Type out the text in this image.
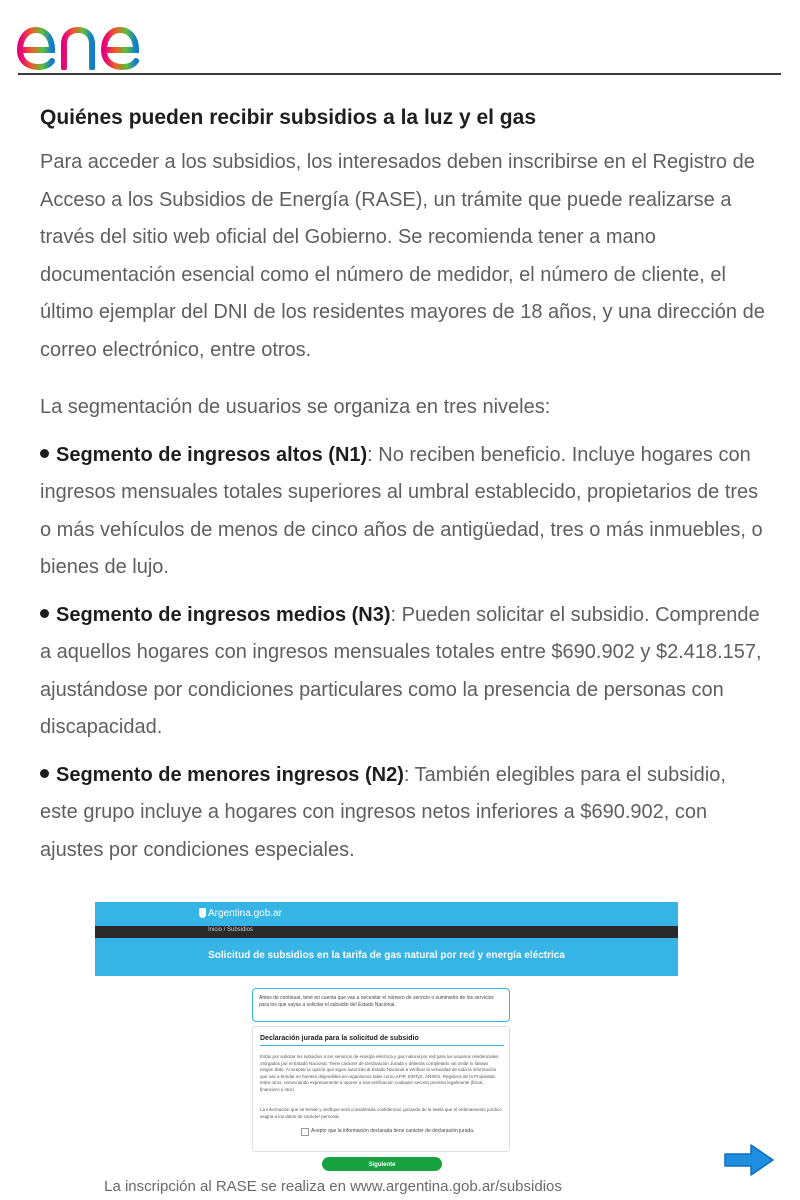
Quiénes pueden recibir subsidios a la luz y el gas

Para acceder a los subsidios, los interesados deben inscribirse en el Registro de Acceso a los Subsidios de Energía (RASE), un trámite que puede realizarse a través del sitio web oficial del Gobierno. Se recomienda tener a mano documentación esencial como el número de medidor, el número de cliente, el último ejemplar del DNI de los residentes mayores de 18 años, y una dirección de correo electrónico, entre otros.

La segmentación de usuarios se organiza en tres niveles:

Segmento de ingresos altos (N1): No reciben beneficio. Incluye hogares con ingresos mensuales totales superiores al umbral establecido, propietarios de tres o más vehículos de menos de cinco años de antigüedad, tres o más inmuebles, o bienes de lujo.

Segmento de ingresos medios (N3): Pueden solicitar el subsidio. Comprende a aquellos hogares con ingresos mensuales totales entre $690.902 y $2.418.157, ajustándose por condiciones particulares como la presencia de personas con discapacidad.

Segmento de menores ingresos (N2): También elegibles para el subsidio, este grupo incluye a hogares con ingresos netos inferiores a $690.902, con ajustes por condiciones especiales.

Argentina.gob.ar
Inicio / Subsidios
Solicitud de subsidios en la tarifa de gas natural por red y energía eléctrica
Antes de continuar, tené en cuenta que vas a necesitar el número de servicio o suministro de los servicios para los que vayas a solicitar el subsidio del Estado Nacional.
Declaración jurada para la solicitud de subsidio
Estás por solicitar los subsidios a los servicios de energía eléctrica y gas natural por red para los usuarios residenciales otorgados por el Estado Nacional. Tiene carácter de Declaración Jurada y deberás completarlo sin omitir ni falsear ningún dato. Al aceptar la opción que sigue autorizás al Estado Nacional a verificar la veracidad de toda la información que vas a brindar en fuentes disponibles en organismos tales como AFIP, SINTyS, ANSES, Registros de la Propiedad, entre otros, renunciando expresamente a oponer a esa verificación cualquier secreto previsto legalmente (fiscal, financiero u otro).
La información que se brinde y verifique será considerada confidencial, gozando de la tutela que el ordenamiento jurídico asigna a los datos de carácter personal.
Acepto que la información declarada tiene carácter de declaración jurada.
Siguiente
La inscripción al RASE se realiza en www.argentina.gob.ar/subsidios
